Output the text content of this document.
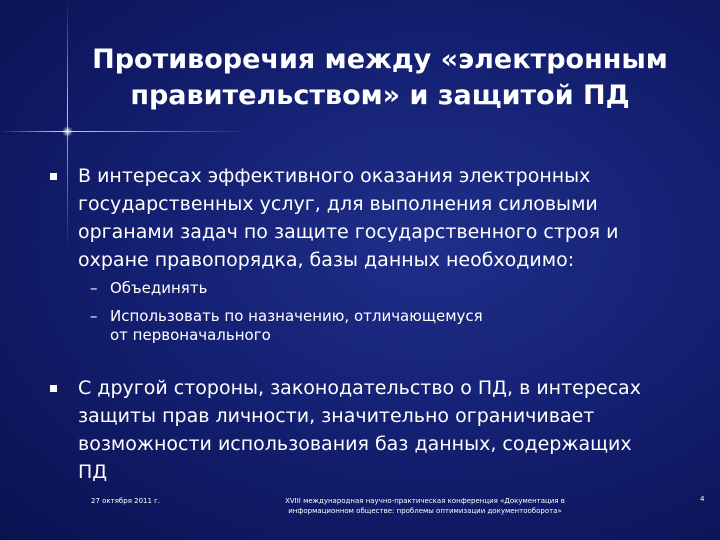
Противоречия между «электронным
правительством» и защитой ПД
В интересах эффективного оказания электронных
государственных услуг, для выполнения силовыми
органами задач по защите государственного строя и
охране правопорядка, базы данных необходимо:
– Объединять
– Использовать по назначению, отличающемуся
от первоначального
С другой стороны, законодательство о ПД, в интересах
защиты прав личности, значительно ограничивает
возможности использования баз данных, содержащих
ПД
27 октября 2011 г.	XVIII международная научно-практическая конференция «Документация в
информационном обществе: проблемы оптимизации документооборота»
4
